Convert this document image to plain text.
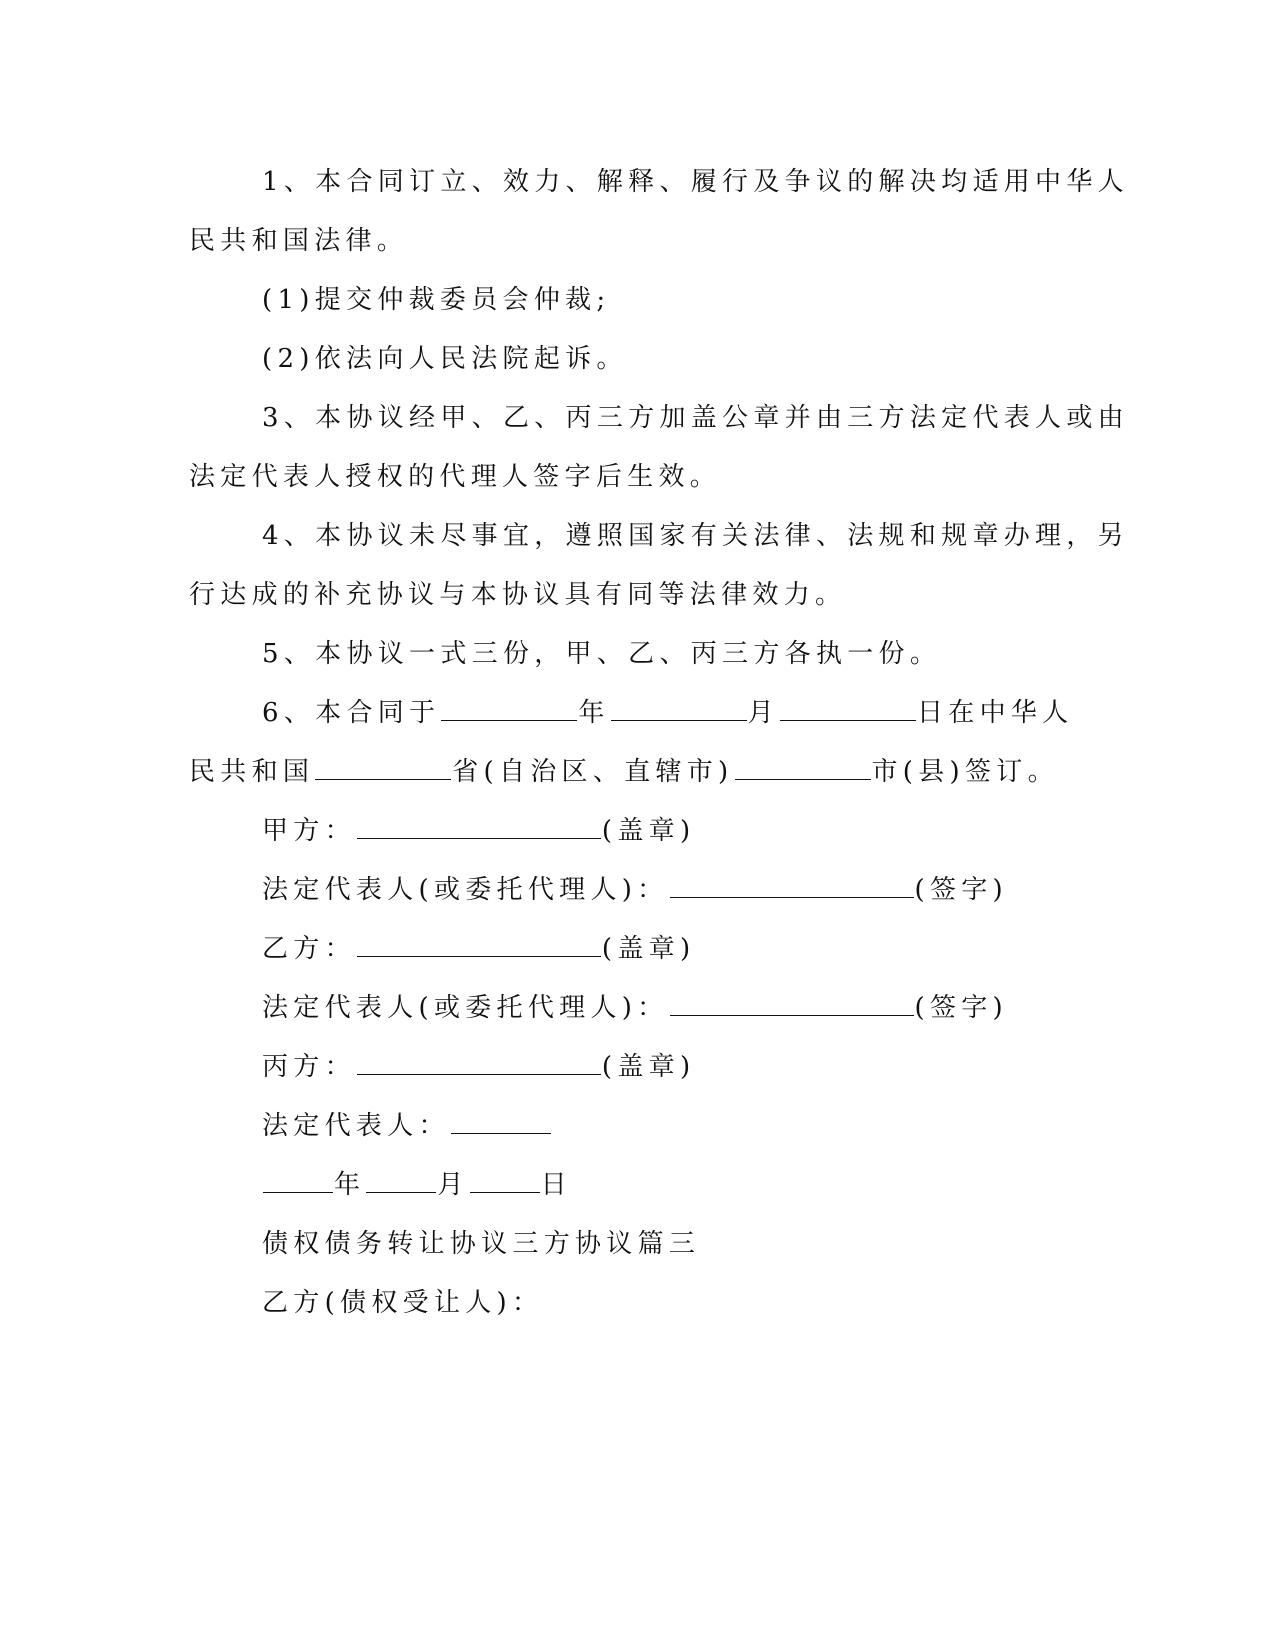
1、本合同订立、效力、解释、履行及争议的解决均适用中华人
民共和国法律。
(1)提交仲裁委员会仲裁;
(2)依法向人民法院起诉。
3、本协议经甲、乙、丙三方加盖公章并由三方法定代表人或由
法定代表人授权的代理人签字后生效。
4、本协议未尽事宜，遵照国家有关法律、法规和规章办理，另
行达成的补充协议与本协议具有同等法律效力。
5、本协议一式三份，甲、乙、丙三方各执一份。
6、本合同于	年	月	日在中华人
民共和国	省(自治区、直辖市)	市(县)签订。
甲方：	(盖章)
法定代表人(或委托代理人)：	(签字)
乙方：	(盖章)
法定代表人(或委托代理人)：	(签字)
丙方：	(盖章)
法定代表人：
年	月	日
债权债务转让协议三方协议篇三
乙方(债权受让人)：
